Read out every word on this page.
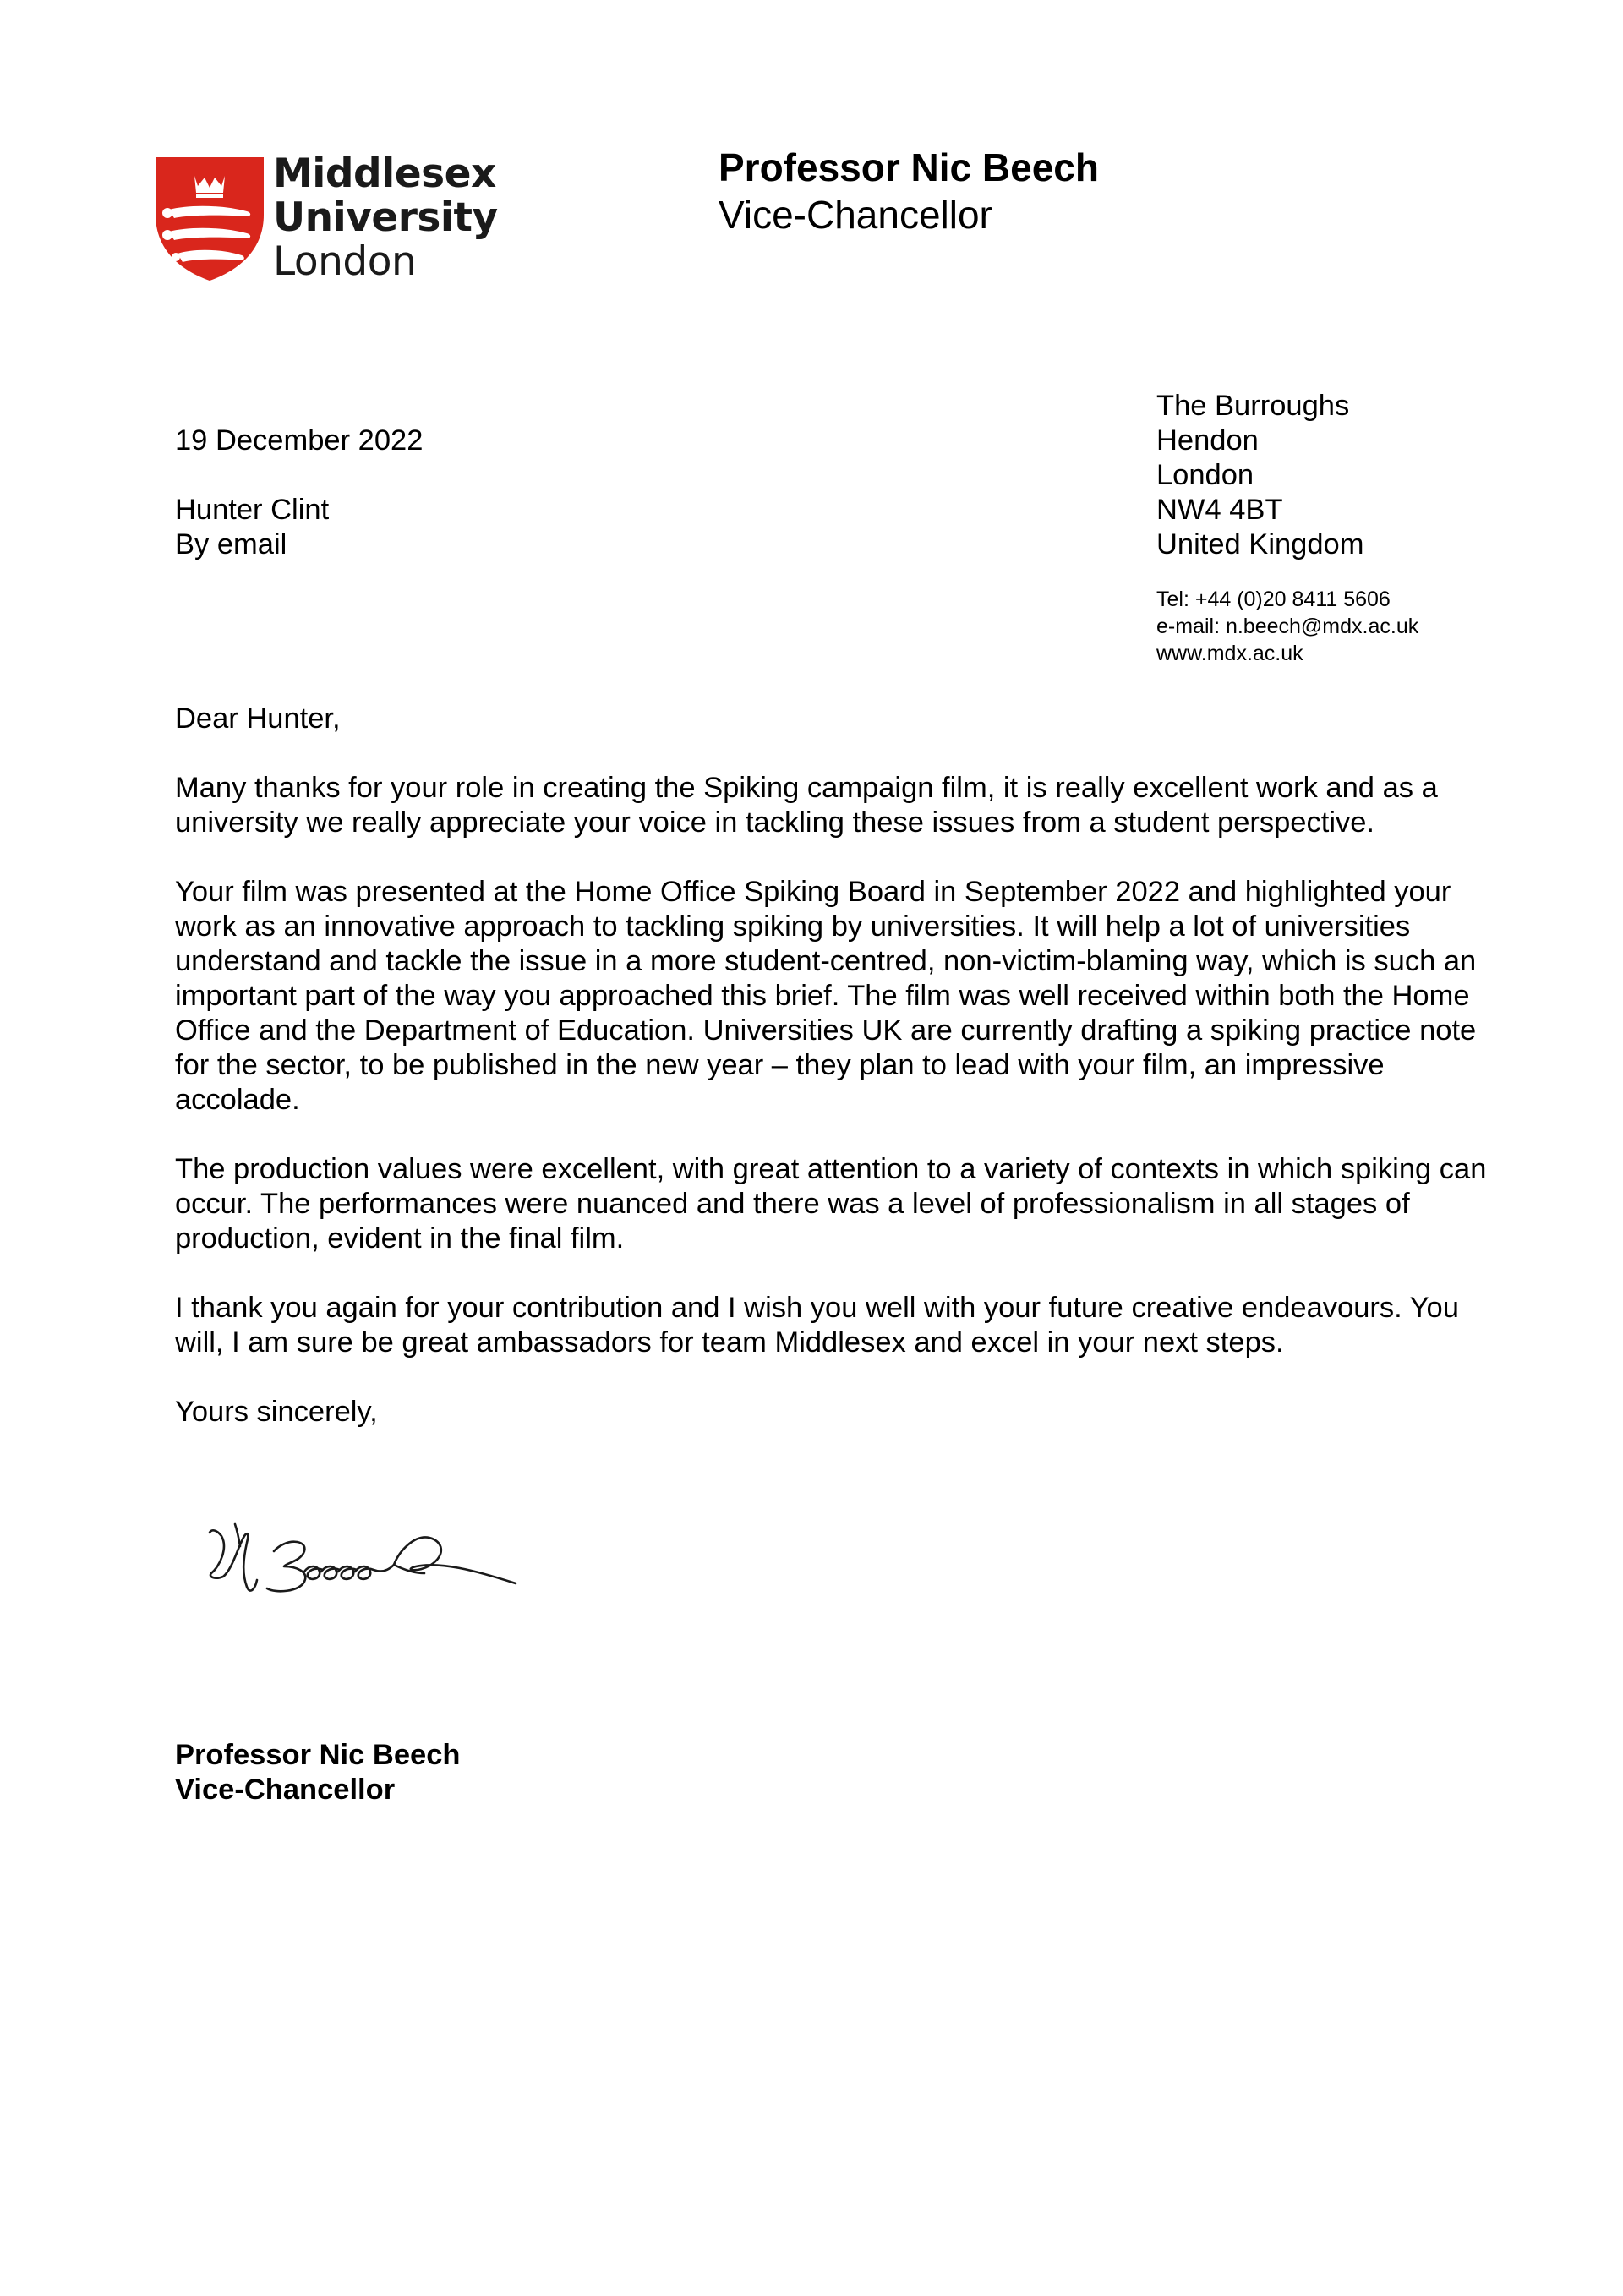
Middlesex
University
London
Professor Nic Beech
Vice-Chancellor
The Burroughs
Hendon
London
NW4 4BT
United Kingdom
Tel: +44 (0)20 8411 5606
e-mail: n.beech@mdx.ac.uk
www.mdx.ac.uk
19 December 2022
Hunter Clint
By email
Dear Hunter,

Many thanks for your role in creating the Spiking campaign film, it is really excellent work and as a university we really appreciate your voice in tackling these issues from a student perspective.

Your film was presented at the Home Office Spiking Board in September 2022 and highlighted your work as an innovative approach to tackling spiking by universities. It will help a lot of universities understand and tackle the issue in a more student-centred, non-victim-blaming way, which is such an important part of the way you approached this brief. The film was well received within both the Home Office and the Department of Education. Universities UK are currently drafting a spiking practice note for the sector, to be published in the new year – they plan to lead with your film, an impressive accolade.

The production values were excellent, with great attention to a variety of contexts in which spiking can occur. The performances were nuanced and there was a level of professionalism in all stages of production, evident in the final film.

I thank you again for your contribution and I wish you well with your future creative endeavours. You will, I am sure be great ambassadors for team Middlesex and excel in your next steps.

Yours sincerely,
Professor Nic Beech
Vice-Chancellor
